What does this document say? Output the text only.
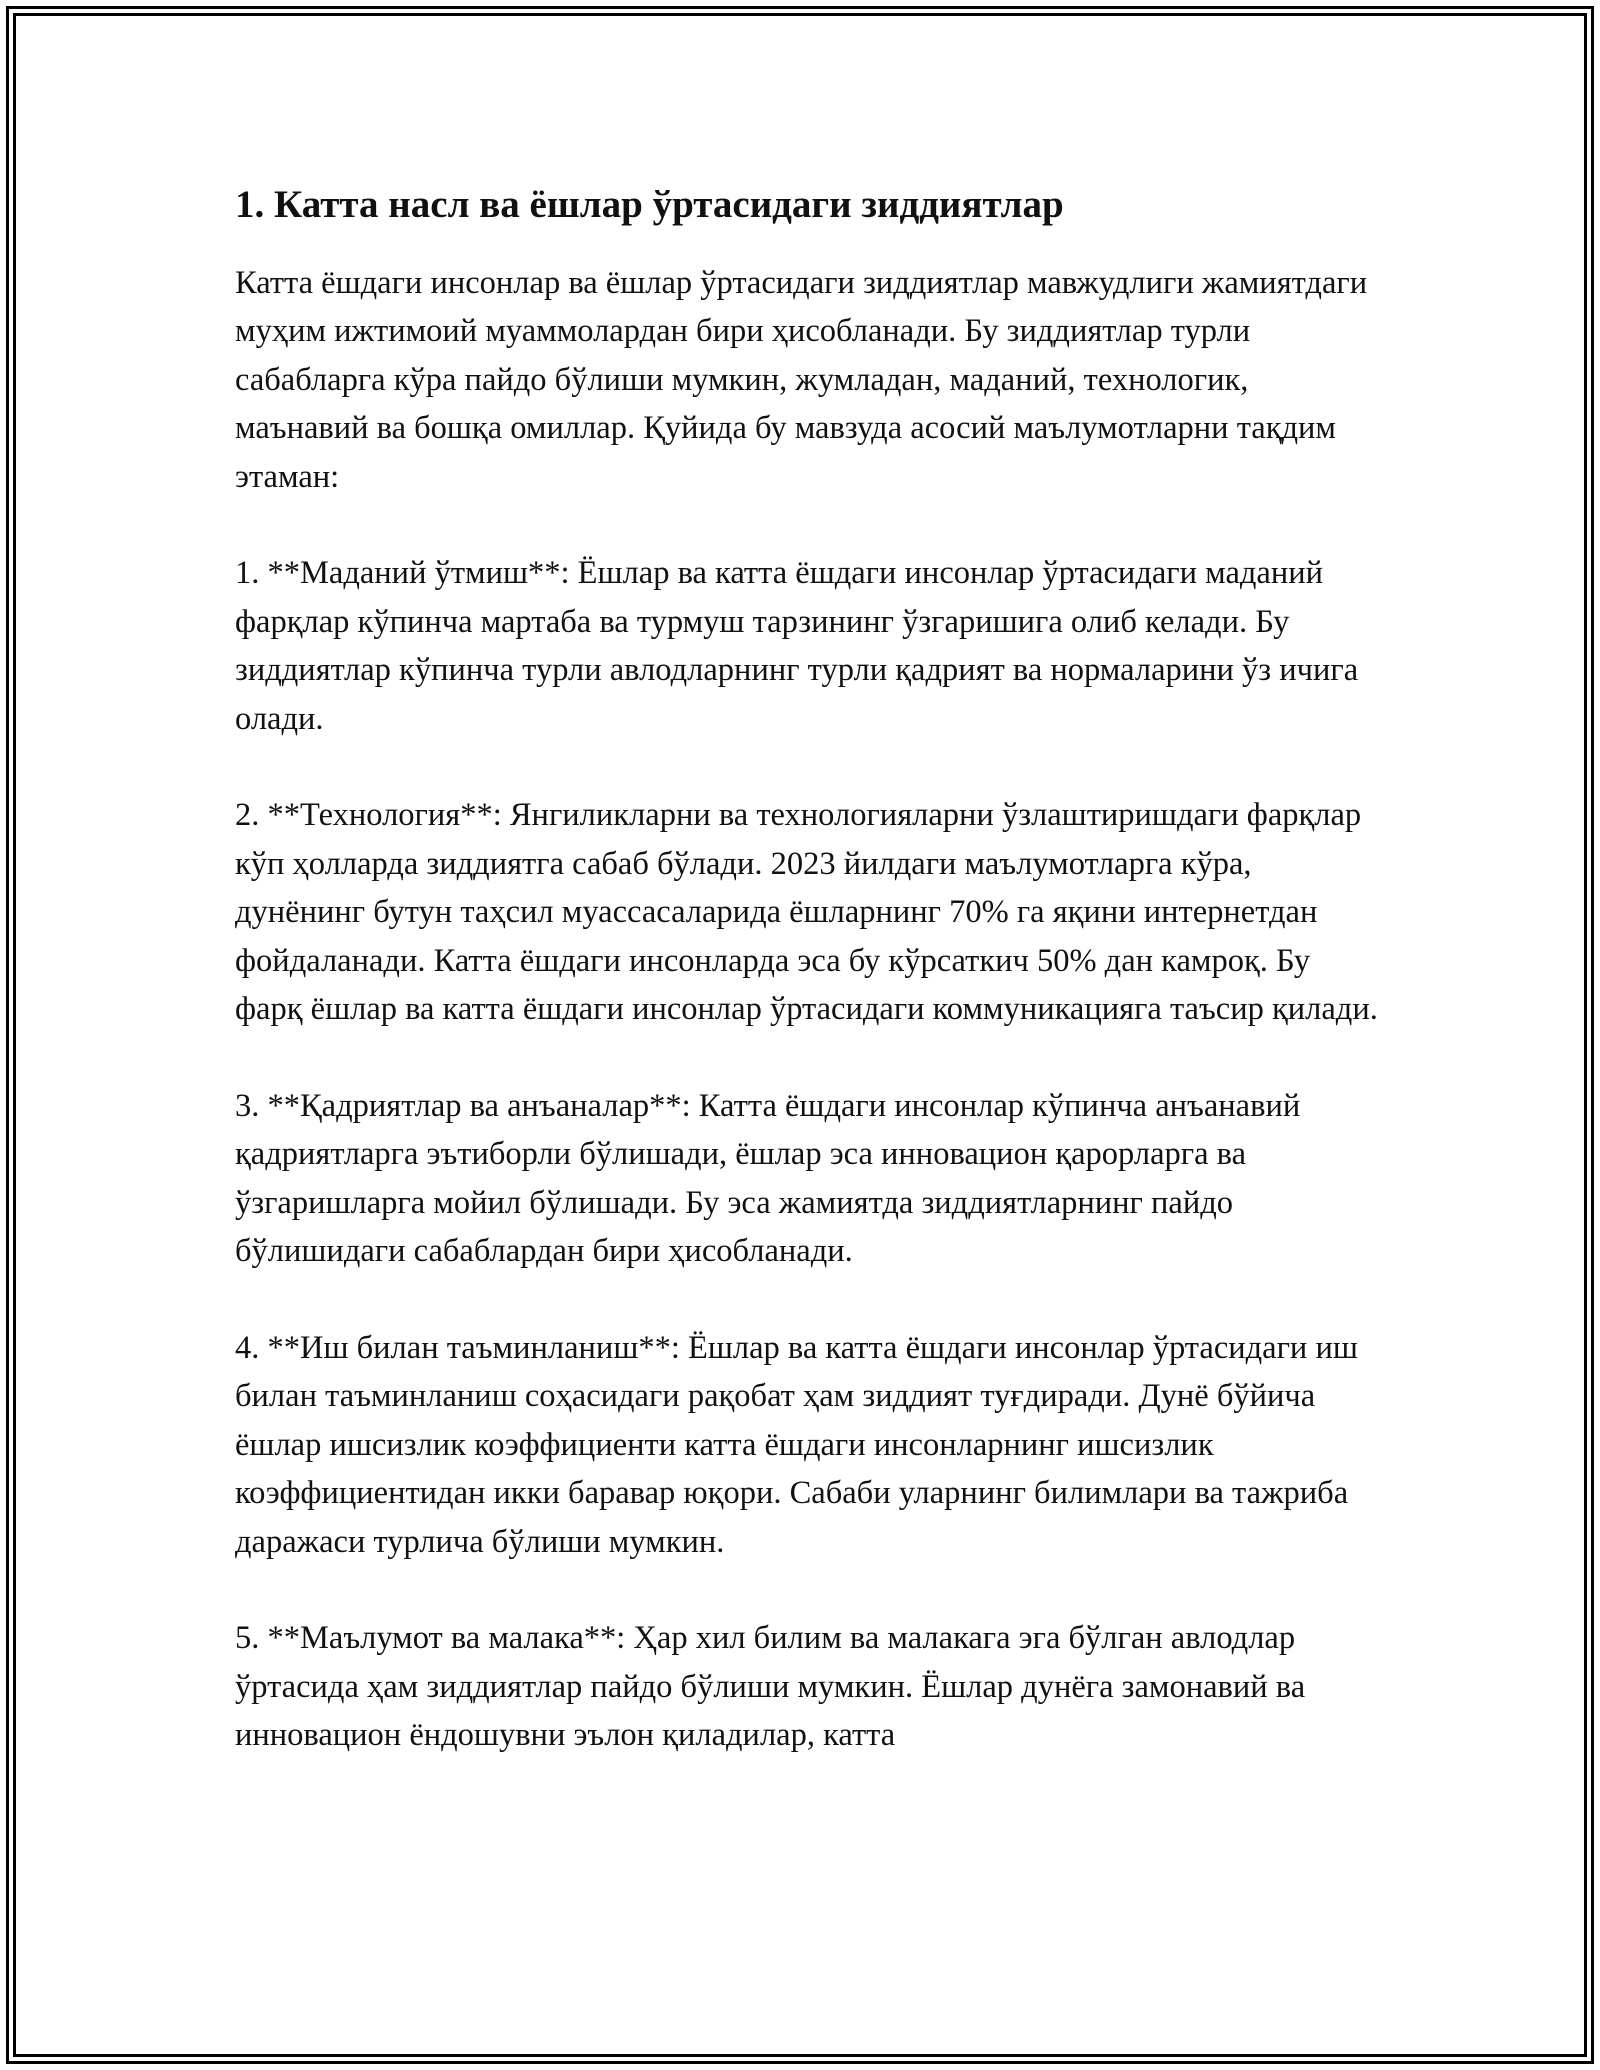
1. Катта насл ва ёшлар ўртасидаги зиддиятлар

Катта ёшдаги инсонлар ва ёшлар ўртасидаги зиддиятлар мавжудлиги жамиятдаги муҳим ижтимоий муаммолардан бири ҳисобланади. Бу зиддиятлар турли сабабларга кўра пайдо бўлиши мумкин, жумладан, маданий, технологик, маънавий ва бошқа омиллар. Қуйида бу мавзуда асосий маълумотларни тақдим этаман:

1. **Маданий ўтмиш**: Ёшлар ва катта ёшдаги инсонлар ўртасидаги маданий фарқлар кўпинча мартаба ва турмуш тарзининг ўзгаришига олиб келади. Бу зиддиятлар кўпинча турли авлодларнинг турли қадрият ва нормаларини ўз ичига олади.

2. **Технология**: Янгиликларни ва технологияларни ўзлаштиришдаги фарқлар кўп ҳолларда зиддиятга сабаб бўлади. 2023 йилдаги маълумотларга кўра, дунёнинг бутун таҳсил муассасаларида ёшларнинг 70% га яқини интернетдан фойдаланади. Катта ёшдаги инсонларда эса бу кўрсаткич 50% дан камроқ. Бу фарқ ёшлар ва катта ёшдаги инсонлар ўртасидаги коммуникацияга таъсир қилади.

3. **Қадриятлар ва анъаналар**: Катта ёшдаги инсонлар кўпинча анъанавий қадриятларга эътиборли бўлишади, ёшлар эса инновацион қарорларга ва ўзгаришларга мойил бўлишади. Бу эса жамиятда зиддиятларнинг пайдо бўлишидаги сабаблардан бири ҳисобланади.

4. **Иш билан таъминланиш**: Ёшлар ва катта ёшдаги инсонлар ўртасидаги иш билан таъминланиш соҳасидаги рақобат ҳам зиддият туғдиради. Дунё бўйича ёшлар ишсизлик коэффициенти катта ёшдаги инсонларнинг ишсизлик коэффициентидан икки баравар юқори. Сабаби уларнинг билимлари ва тажриба даражаси турлича бўлиши мумкин.

5. **Маълумот ва малака**: Ҳар хил билим ва малакага эга бўлган авлодлар ўртасида ҳам зиддиятлар пайдо бўлиши мумкин. Ёшлар дунёга замонавий ва инновацион ёндошувни эълон қиладилар, катта
